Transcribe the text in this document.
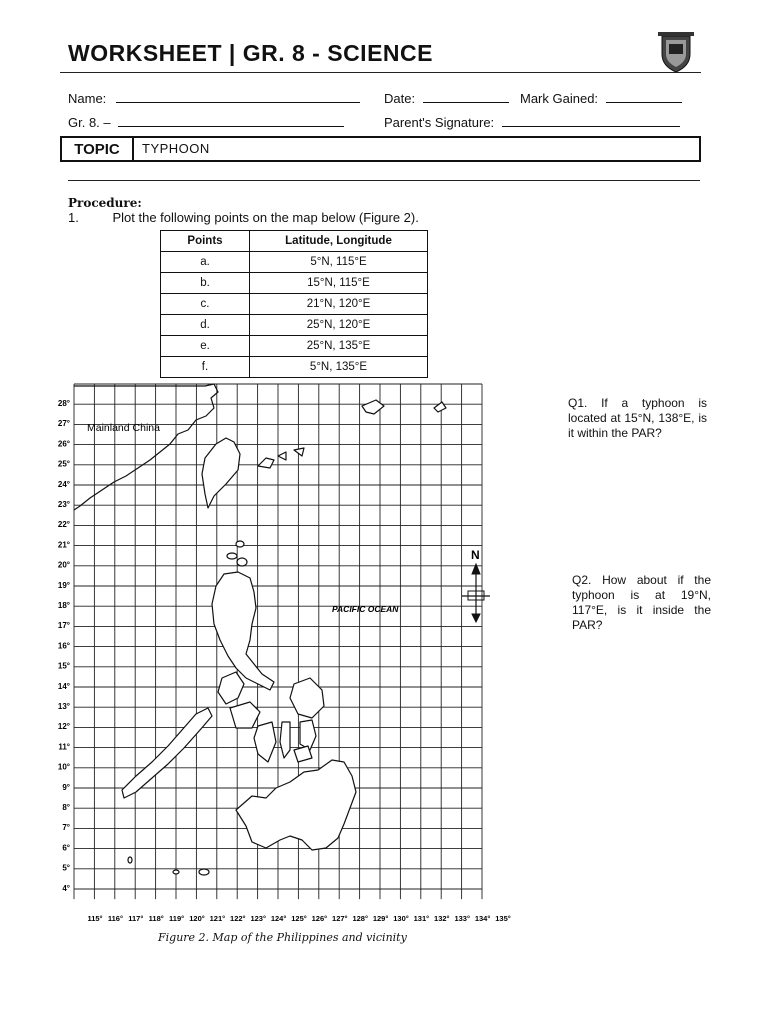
WORKSHEET | GR. 8 - SCIENCE
Name:	Date:	Mark Gained:
Gr. 8. –	Parent's Signature:
TOPIC	TYPHOON
Procedure:
1.	Plot the following points on the map below (Figure 2).
Points	Latitude, Longitude
a.	5°N, 115°E
b.	15°N, 115°E
c.	21°N, 120°E
d.	25°N, 120°E
e.	25°N, 135°E
f.	5°N, 135°E
28°
27°
26°
25°
24°
23°
22°
21°
20°
19°
18°
17°
16°
15°
14°
13°
12°
11°
10°
9°
8°
7°
6°
5°
4°
115° 116° 117° 118° 119° 120° 121° 122° 123° 124° 125° 126° 127° 128° 129° 130° 131° 132° 133° 134° 135°
Mainland China
PACIFIC OCEAN
N
Q1. If a typhoon is located at 15°N, 138°E, is it within the PAR?
Q2. How about if the typhoon is at 19°N, 117°E, is it inside the PAR?
Figure 2. Map of the Philippines and vicinity
